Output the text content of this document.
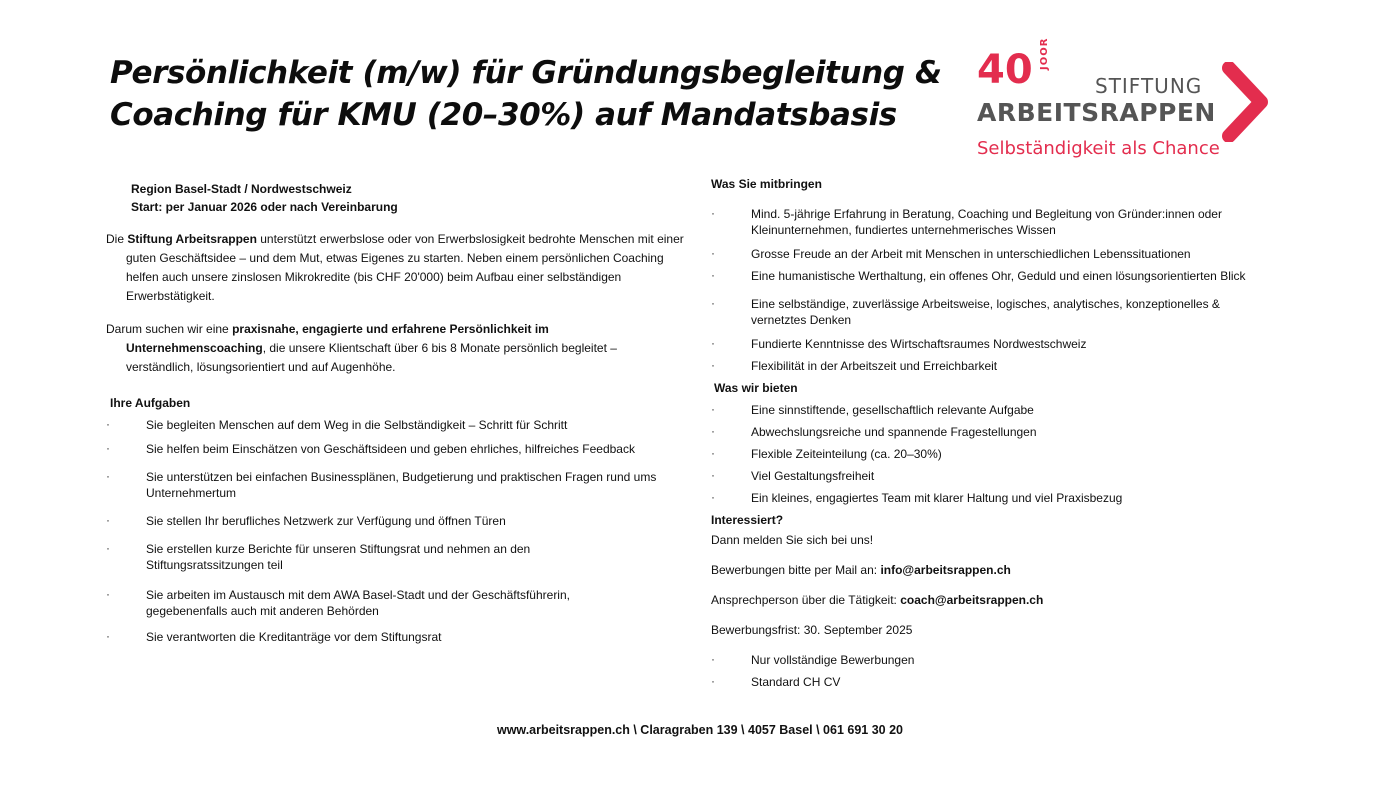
Persönlichkeit (m/w) für Gründungsbegleitung &
Coaching für KMU (20–30%) auf Mandatsbasis
40 JOOR
STIFTUNG
ARBEITSRAPPEN
Selbständigkeit als Chance
Region Basel-Stadt / Nordwestschweiz
Start: per Januar 2026 oder nach Vereinbarung
Die Stiftung Arbeitsrappen unterstützt erwerbslose oder von Erwerbslosigkeit bedrohte Menschen mit einer guten Geschäftsidee – und dem Mut, etwas Eigenes zu starten. Neben einem persönlichen Coaching helfen auch unsere zinslosen Mikrokredite (bis CHF 20'000) beim Aufbau einer selbständigen Erwerbstätigkeit.
Darum suchen wir eine praxisnahe, engagierte und erfahrene Persönlichkeit im Unternehmenscoaching, die unsere Klientschaft über 6 bis 8 Monate persönlich begleitet – verständlich, lösungsorientiert und auf Augenhöhe.
Ihre Aufgaben
· Sie begleiten Menschen auf dem Weg in die Selbständigkeit – Schritt für Schritt
· Sie helfen beim Einschätzen von Geschäftsideen und geben ehrliches, hilfreiches Feedback
· Sie unterstützen bei einfachen Businessplänen, Budgetierung und praktischen Fragen rund ums Unternehmertum
· Sie stellen Ihr berufliches Netzwerk zur Verfügung und öffnen Türen
· Sie erstellen kurze Berichte für unseren Stiftungsrat und nehmen an den Stiftungsratssitzungen teil
· Sie arbeiten im Austausch mit dem AWA Basel-Stadt und der Geschäftsführerin, gegebenenfalls auch mit anderen Behörden
· Sie verantworten die Kreditanträge vor dem Stiftungsrat
Was Sie mitbringen
· Mind. 5-jährige Erfahrung in Beratung, Coaching und Begleitung von Gründer:innen oder Kleinunternehmen, fundiertes unternehmerisches Wissen
· Grosse Freude an der Arbeit mit Menschen in unterschiedlichen Lebenssituationen
· Eine humanistische Werthaltung, ein offenes Ohr, Geduld und einen lösungsorientierten Blick
· Eine selbständige, zuverlässige Arbeitsweise, logisches, analytisches, konzeptionelles & vernetztes Denken
· Fundierte Kenntnisse des Wirtschaftsraumes Nordwestschweiz
· Flexibilität in der Arbeitszeit und Erreichbarkeit
Was wir bieten
· Eine sinnstiftende, gesellschaftlich relevante Aufgabe
· Abwechslungsreiche und spannende Fragestellungen
· Flexible Zeiteinteilung (ca. 20–30%)
· Viel Gestaltungsfreiheit
· Ein kleines, engagiertes Team mit klarer Haltung und viel Praxisbezug
Interessiert?
Dann melden Sie sich bei uns!
Bewerbungen bitte per Mail an: info@arbeitsrappen.ch
Ansprechperson über die Tätigkeit: coach@arbeitsrappen.ch
Bewerbungsfrist: 30. September 2025
· Nur vollständige Bewerbungen
· Standard CH CV
www.arbeitsrappen.ch \ Claragraben 139 \ 4057 Basel \ 061 691 30 20
